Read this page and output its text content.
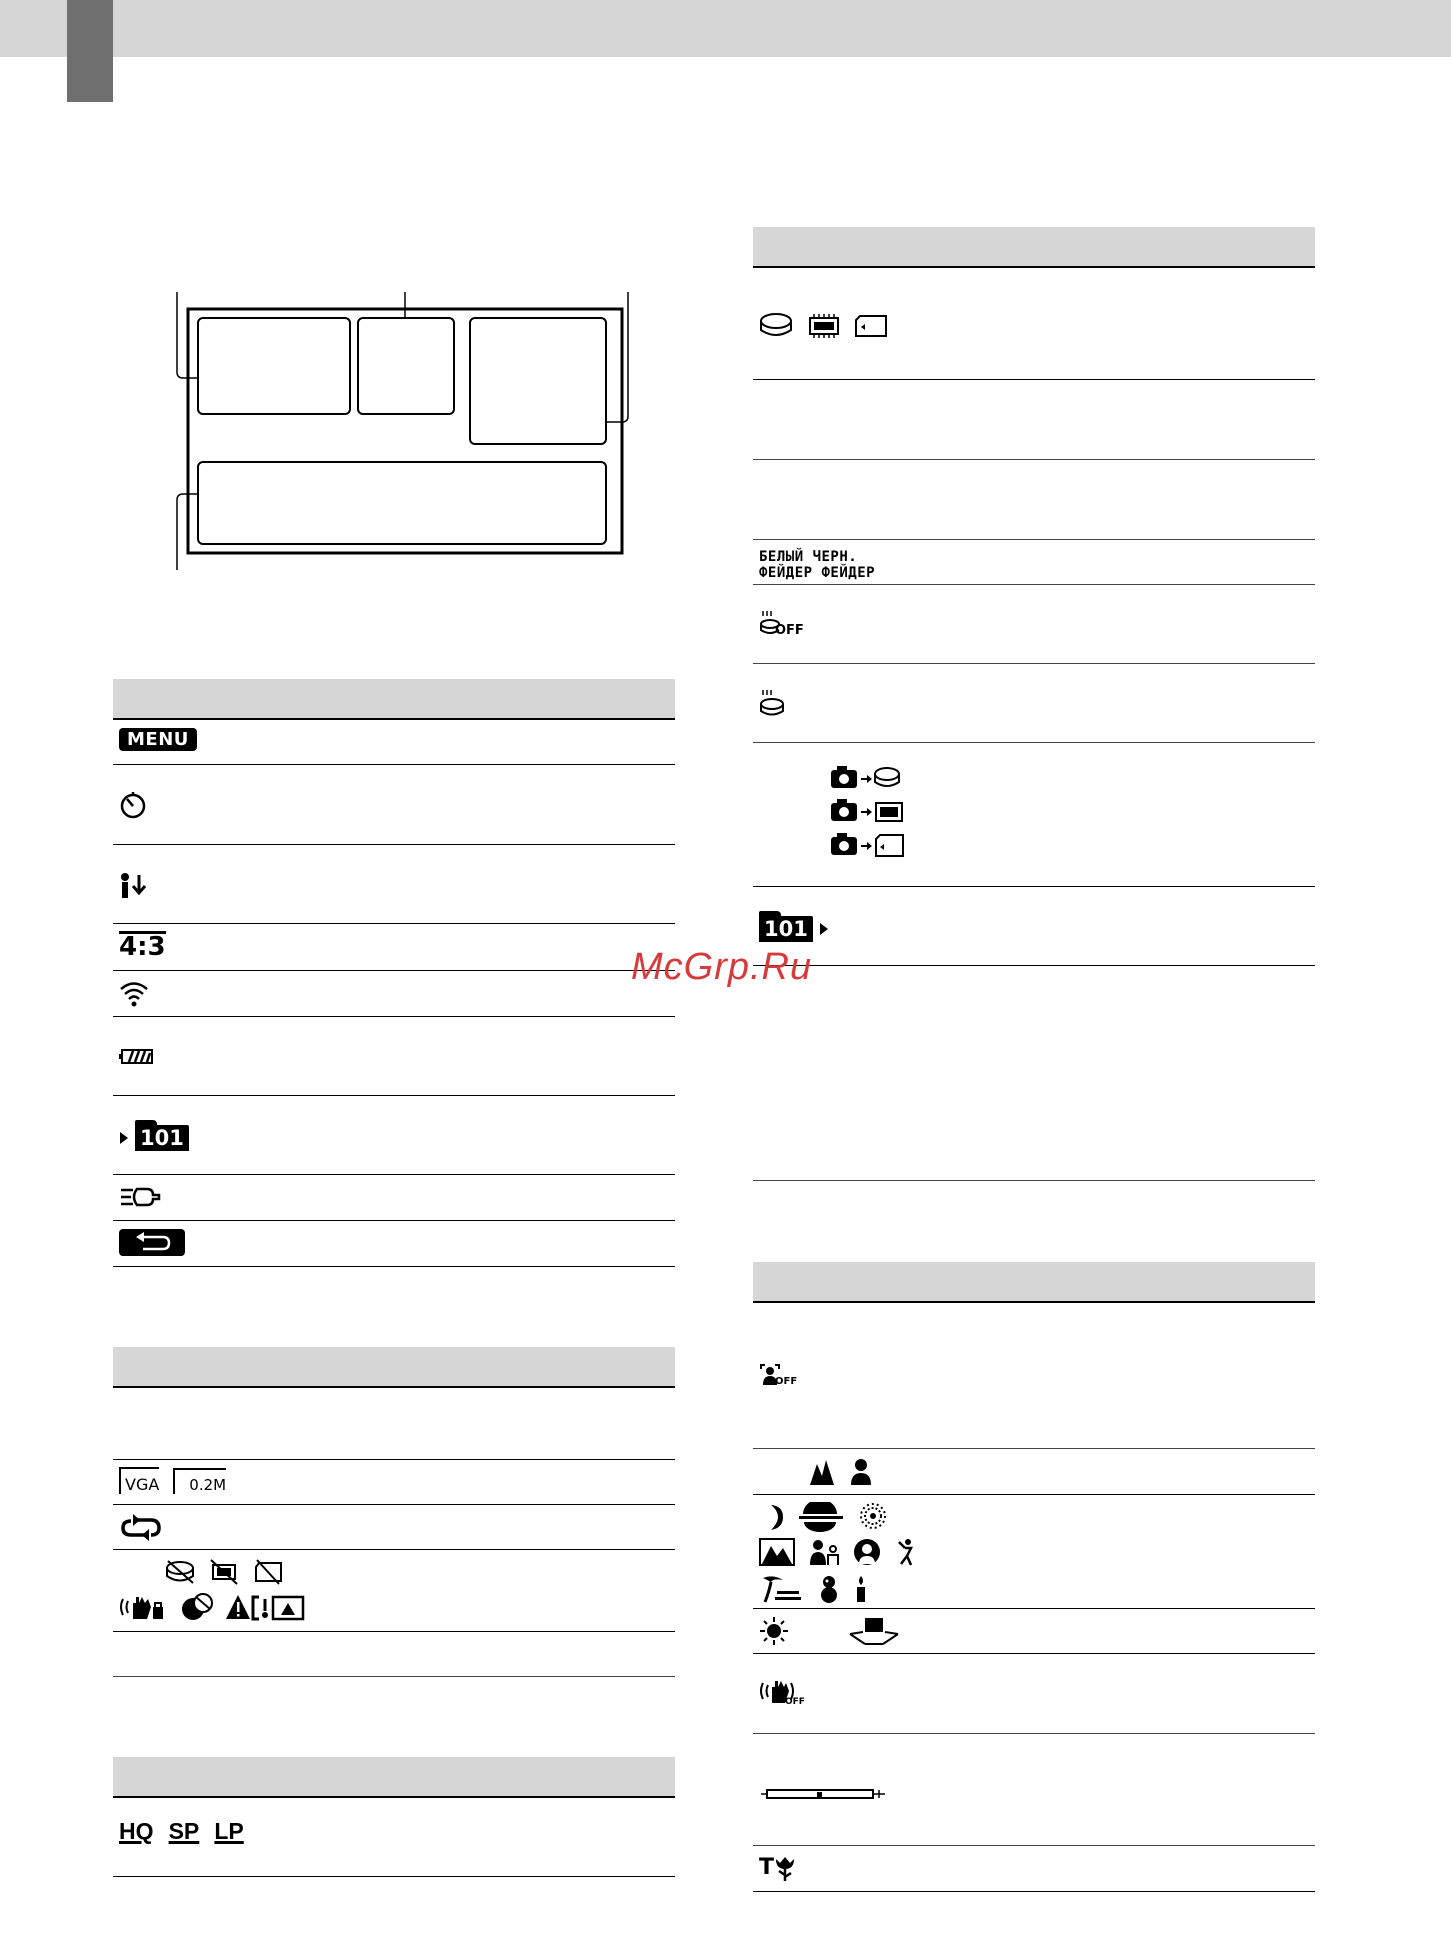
MENU
4:3
101
VGA	0.2M
HQ SP LP
БЕЛЫЙ ЧЕРН.
ФЕЙДЕР ФЕЙДЕР
OFF
101
OFF
OFF
T
McGrp.Ru
